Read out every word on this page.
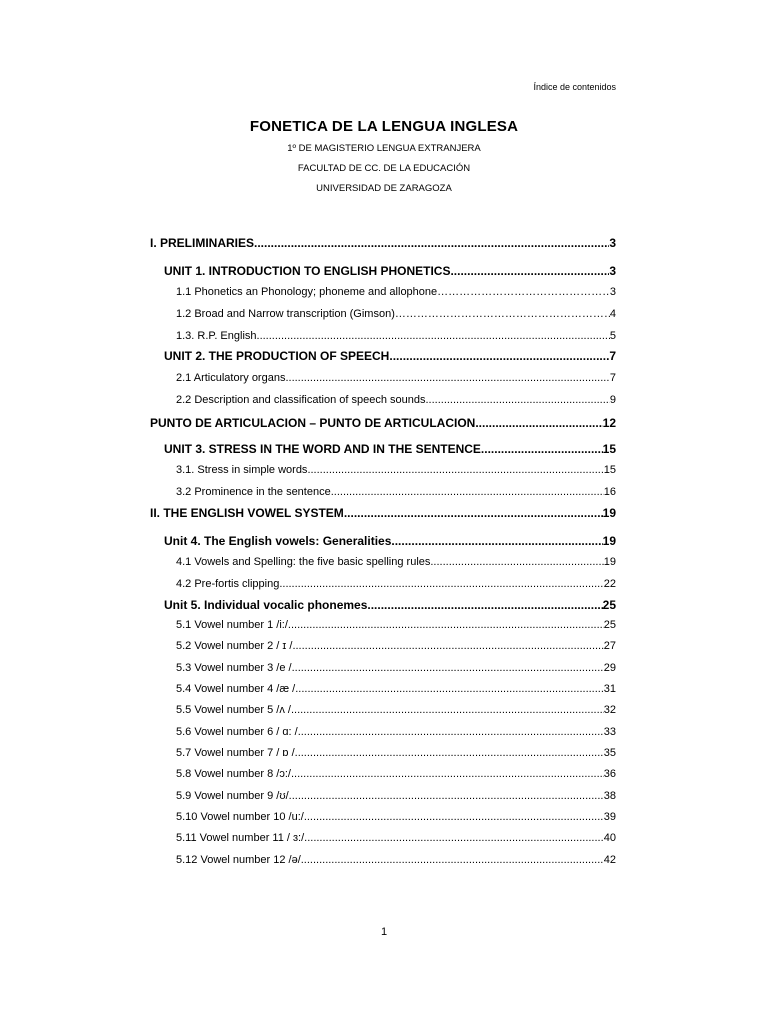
Índice de contenidos

FONETICA DE LA LENGUA INGLESA

1º DE MAGISTERIO LENGUA EXTRANJERA

FACULTAD DE CC. DE LA EDUCACIÓN

UNIVERSIDAD DE ZARAGOZA

I. PRELIMINARIES .....	3
UNIT 1. INTRODUCTION TO ENGLISH PHONETICS .....	3
1.1 Phonetics an Phonology; phoneme and allophone ……………………………………………………………………………………………………………………………………………………	3
1.2 Broad and Narrow transcription (Gimson) ……………………………………………………………………………………………………………………………………………………	4
1.3. R.P. English .....	5
UNIT 2. THE PRODUCTION OF SPEECH .....	7
2.1 Articulatory organs .....	7
2.2 Description and classification of speech sounds .....	9
PUNTO DE ARTICULACION – PUNTO DE ARTICULACION .....	12
UNIT 3. STRESS IN THE WORD AND IN THE SENTENCE .....	15
3.1. Stress in simple words .....	15
3.2 Prominence in the sentence .....	16
II. THE ENGLISH VOWEL SYSTEM .....	19
Unit 4. The English vowels: Generalities .....	19
4.1 Vowels and Spelling: the five basic spelling rules .....	19
4.2 Pre-fortis clipping .....	22
Unit 5. Individual vocalic phonemes .....	25
5.1 Vowel number 1 /i:/ .....	25
5.2 Vowel number 2 / ɪ / .....	27
5.3 Vowel number 3 /e / .....	29
5.4 Vowel number 4 /æ / .....	31
5.5 Vowel number 5 /ʌ / .....	32
5.6 Vowel number 6 / ɑ: / .....	33
5.7 Vowel number 7 / ɒ / .....	35
5.8 Vowel number 8 /ɔ:/ .....	36
5.9 Vowel number 9 /ʊ/ .....	38
5.10 Vowel number 10 /u:/ .....	39
5.11 Vowel number 11 / ɜ:/ .....	40
5.12 Vowel number 12 /ə/ .....	42
1
